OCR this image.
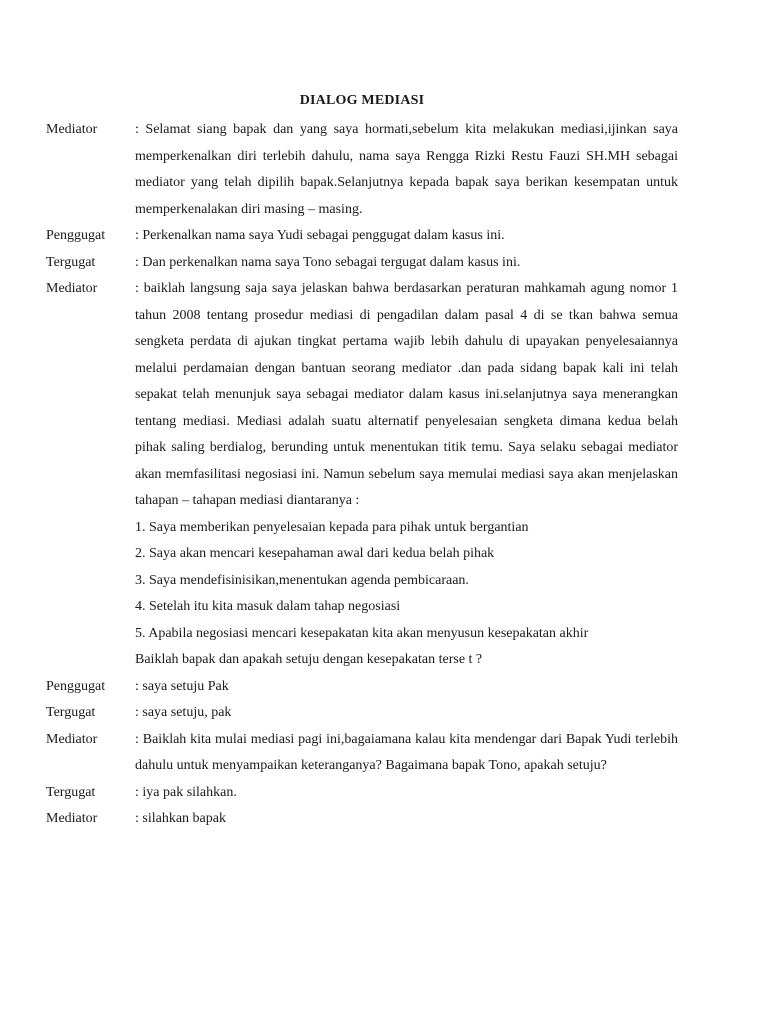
DIALOG MEDIASI
Mediator	: Selamat siang bapak dan yang saya hormati,sebelum kita melakukan mediasi,ijinkan saya memperkenalkan diri terlebih dahulu, nama saya Rengga Rizki Restu Fauzi SH.MH sebagai mediator yang telah dipilih bapak.Selanjutnya kepada bapak saya berikan kesempatan untuk memperkenalakan diri masing – masing.

Penggugat	: Perkenalkan nama saya Yudi sebagai penggugat dalam kasus ini.

Tergugat	: Dan perkenalkan nama saya Tono sebagai tergugat dalam kasus ini.

Mediator	: baiklah langsung saja saya jelaskan bahwa berdasarkan peraturan mahkamah agung nomor 1 tahun 2008 tentang prosedur mediasi di pengadilan dalam pasal 4 di se tkan bahwa semua sengketa perdata di ajukan tingkat pertama wajib lebih dahulu di upayakan penyelesaiannya melalui perdamaian dengan bantuan seorang mediator .dan pada sidang bapak kali ini telah sepakat telah menunjuk saya sebagai mediator dalam kasus ini.selanjutnya saya menerangkan tentang mediasi. Mediasi adalah suatu alternatif penyelesaian sengketa dimana kedua belah pihak saling berdialog, berunding untuk menentukan titik temu. Saya selaku sebagai mediator akan memfasilitasi negosiasi ini. Namun sebelum saya memulai mediasi saya akan menjelaskan tahapan – tahapan mediasi diantaranya :

1. Saya memberikan penyelesaian kepada para pihak untuk bergantian

2. Saya akan mencari kesepahaman awal dari kedua belah pihak

3. Saya mendefisinisikan,menentukan agenda pembicaraan.

4. Setelah itu kita masuk dalam tahap negosiasi

5. Apabila negosiasi mencari kesepakatan kita akan menyusun kesepakatan akhir

Baiklah bapak dan apakah setuju dengan kesepakatan terse t ?

Penggugat	: saya setuju Pak

Tergugat	: saya setuju, pak

Mediator	: Baiklah kita mulai mediasi pagi ini,bagaiamana kalau kita mendengar dari Bapak Yudi terlebih dahulu untuk menyampaikan keteranganya? Bagaimana bapak Tono, apakah setuju?

Tergugat	: iya pak silahkan.

Mediator	: silahkan bapak
